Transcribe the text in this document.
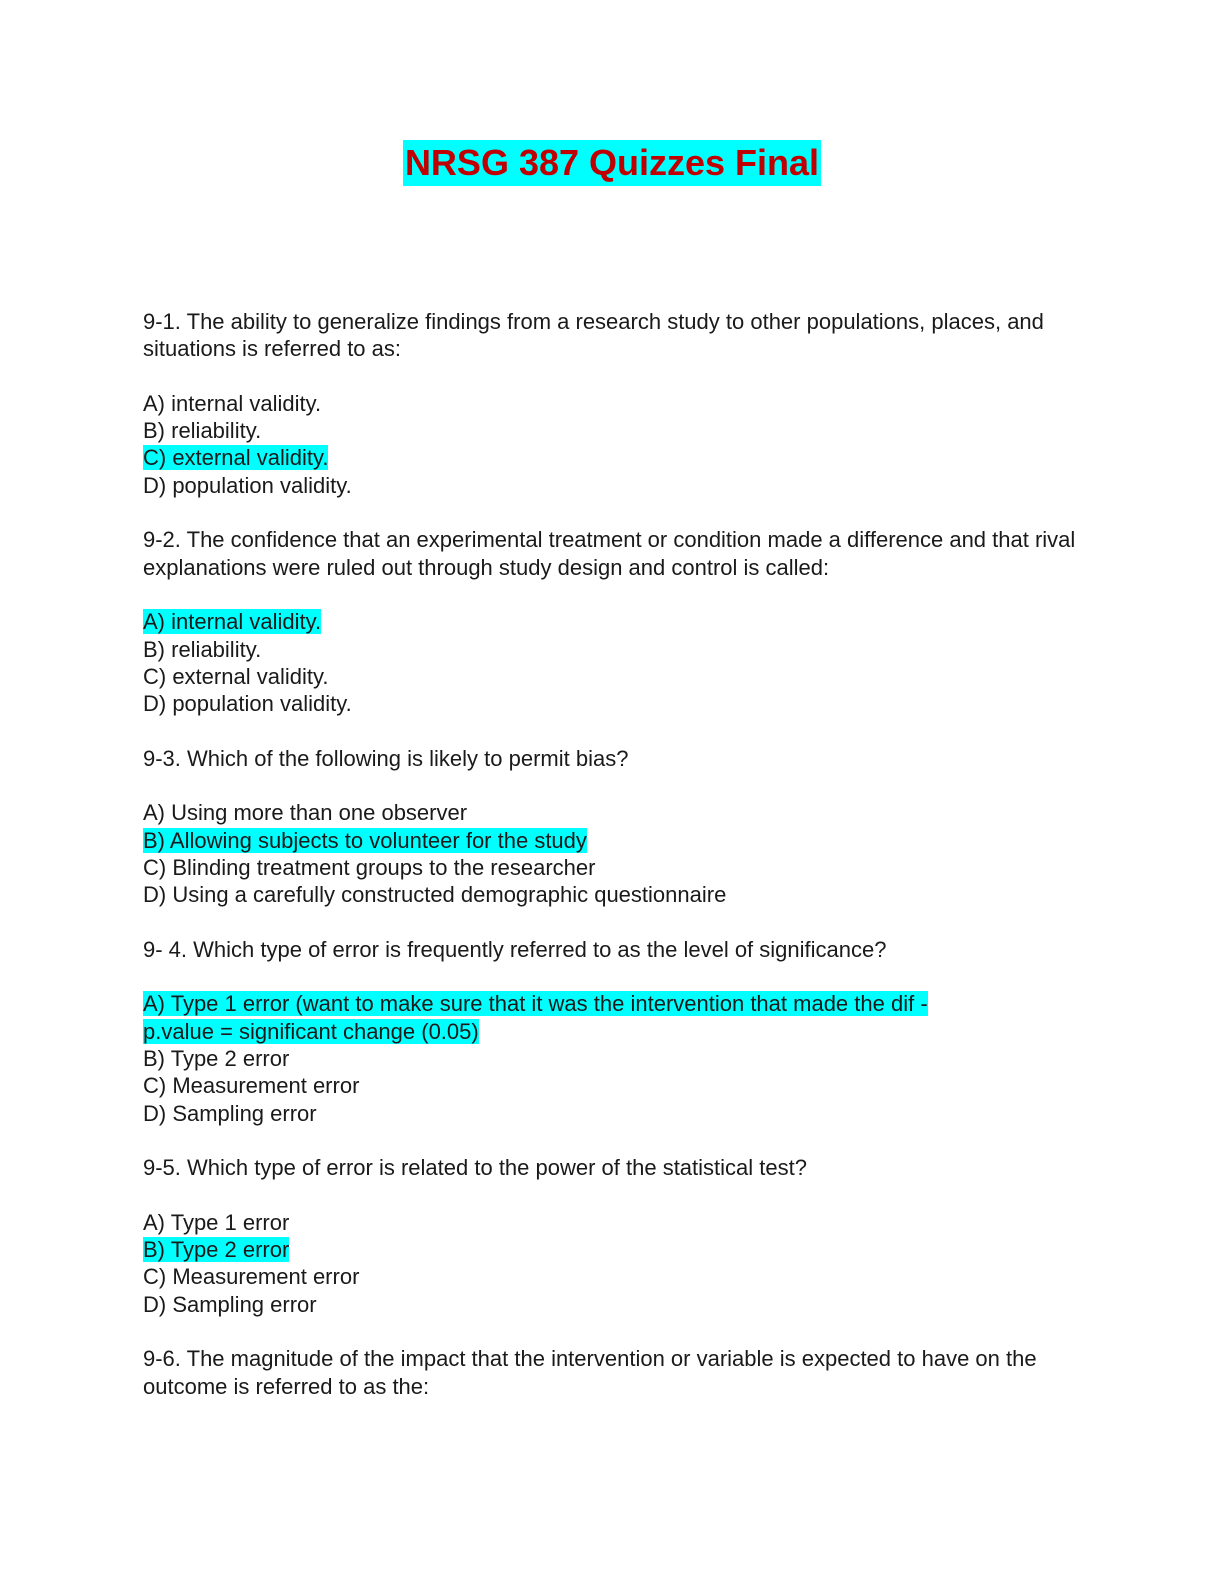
NRSG 387 Quizzes Final

9-1. The ability to generalize findings from a research study to other populations, places, and situations is referred to as:

A) internal validity.
B) reliability.
C) external validity.
D) population validity.

9-2. The confidence that an experimental treatment or condition made a difference and that rival explanations were ruled out through study design and control is called:

A) internal validity.
B) reliability.
C) external validity.
D) population validity.

9-3. Which of the following is likely to permit bias?

A) Using more than one observer
B) Allowing subjects to volunteer for the study
C) Blinding treatment groups to the researcher
D) Using a carefully constructed demographic questionnaire

9- 4. Which type of error is frequently referred to as the level of significance?

A) Type 1 error (want to make sure that it was the intervention that made the dif - p.value = significant change (0.05)
B) Type 2 error
C) Measurement error
D) Sampling error

9-5. Which type of error is related to the power of the statistical test?

A) Type 1 error
B) Type 2 error
C) Measurement error
D) Sampling error

9-6. The magnitude of the impact that the intervention or variable is expected to have on the outcome is referred to as the:
